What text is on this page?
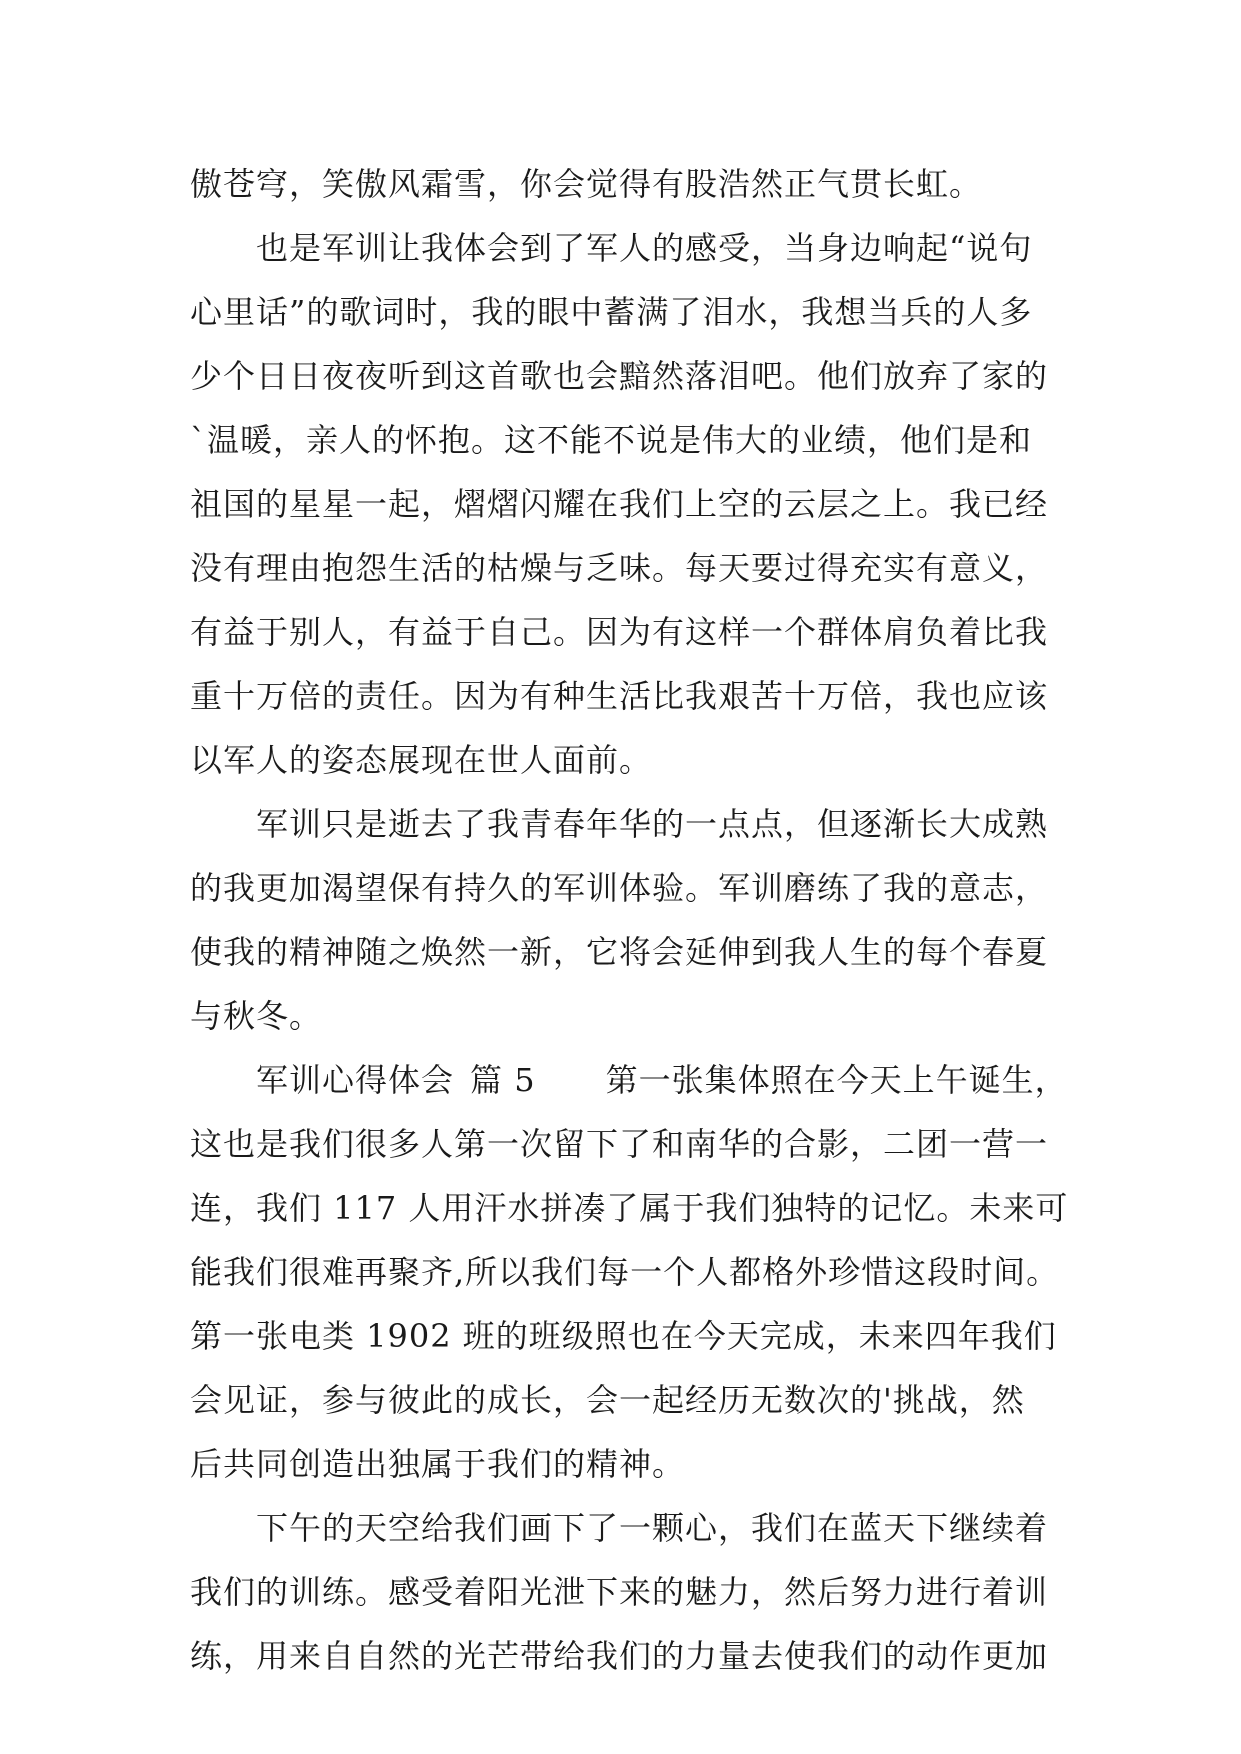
傲苍穹，笑傲风霜雪，你会觉得有股浩然正气贯长虹。
也是军训让我体会到了军人的感受，当身边响起“说句
心里话”的歌词时，我的眼中蓄满了泪水，我想当兵的人多
少个日日夜夜听到这首歌也会黯然落泪吧。他们放弃了家的
`温暖，亲人的怀抱。这不能不说是伟大的业绩，他们是和
祖国的星星一起，熠熠闪耀在我们上空的云层之上。我已经
没有理由抱怨生活的枯燥与乏味。每天要过得充实有意义，
有益于别人，有益于自己。因为有这样一个群体肩负着比我
重十万倍的责任。因为有种生活比我艰苦十万倍，我也应该
以军人的姿态展现在世人面前。
军训只是逝去了我青春年华的一点点，但逐渐长大成熟
的我更加渴望保有持久的军训体验。军训磨练了我的意志，
使我的精神随之焕然一新，它将会延伸到我人生的每个春夏
与秋冬。
军训心得体会 篇 5 第一张集体照在今天上午诞生，
这也是我们很多人第一次留下了和南华的合影，二团一营一
连，我们 117 人用汗水拼凑了属于我们独特的记忆。未来可
能我们很难再聚齐,所以我们每一个人都格外珍惜这段时间。
第一张电类 1902 班的班级照也在今天完成，未来四年我们
会见证，参与彼此的成长，会一起经历无数次的'挑战，然
后共同创造出独属于我们的精神。
下午的天空给我们画下了一颗心，我们在蓝天下继续着
我们的训练。感受着阳光泄下来的魅力，然后努力进行着训
练，用来自自然的光芒带给我们的力量去使我们的动作更加
